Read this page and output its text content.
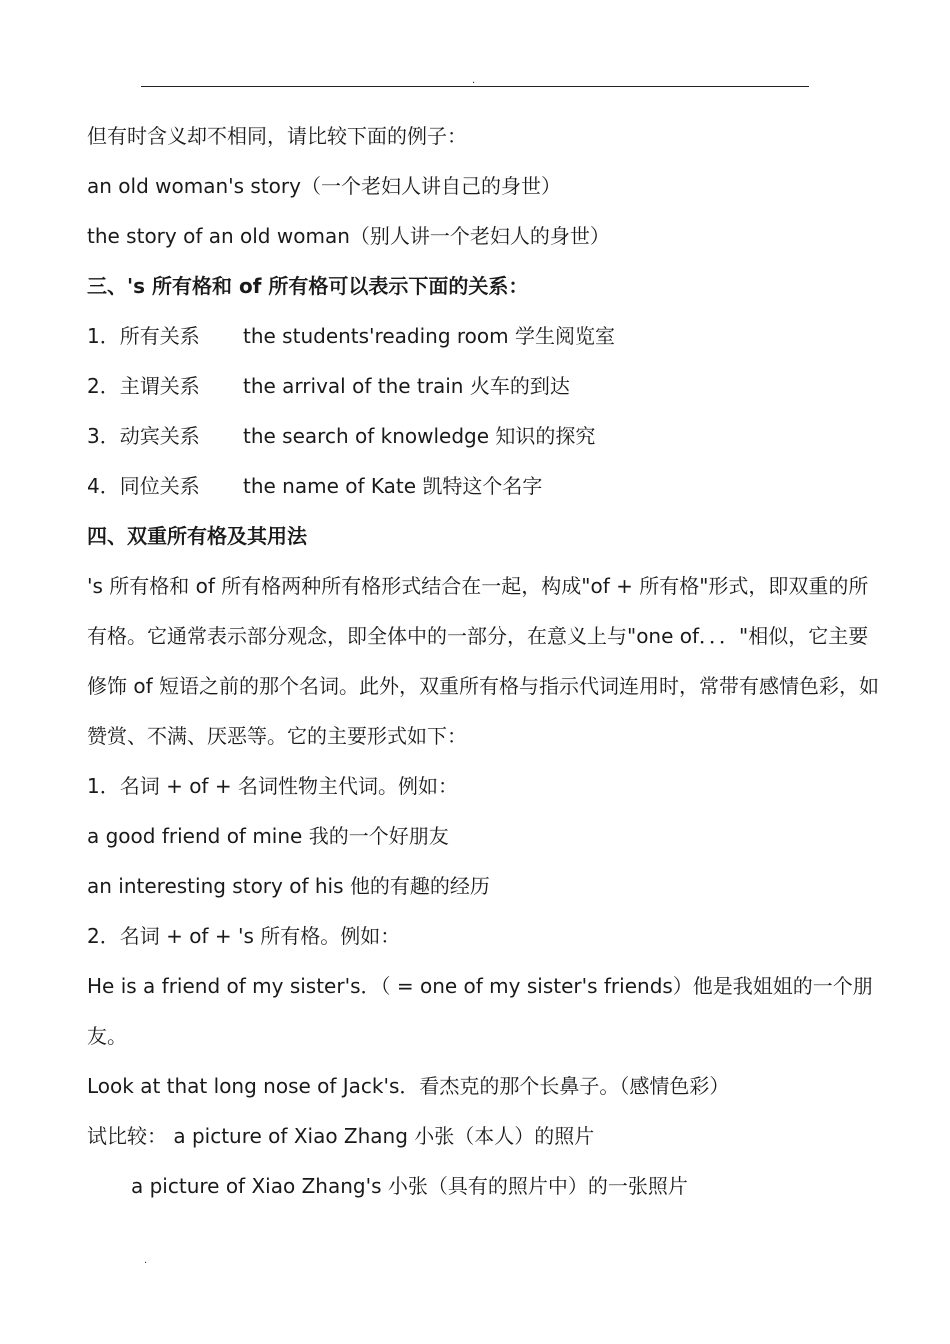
.
但有时含义却不相同，请比较下面的例子：
an old woman's story（一个老妇人讲自己的身世）
the story of an old woman（别人讲一个老妇人的身世）
三、's 所有格和 of 所有格可以表示下面的关系：
1．所有关系 the students'reading room 学生阅览室
2．主谓关系 the arrival of the train 火车的到达
3．动宾关系 the search of knowledge 知识的探究
4．同位关系 the name of Kate 凯特这个名字
四、双重所有格及其用法
's 所有格和 of 所有格两种所有格形式结合在一起，构成"of + 所有格"形式，即双重的所有格。它通常表示部分观念，即全体中的一部分，在意义上与"one of．．．"相似，它主要修饰 of 短语之前的那个名词。此外，双重所有格与指示代词连用时，常带有感情色彩，如赞赏、不满、厌恶等。它的主要形式如下：
1．名词 + of + 名词性物主代词。例如：
a good friend of mine 我的一个好朋友
an interesting story of his 他的有趣的经历
2．名词 + of + 's 所有格。例如：
He is a friend of my sister's．（ = one of my sister's friends）他是我姐姐的一个朋友。
Look at that long nose of Jack's．看杰克的那个长鼻子。（感情色彩）
试比较： a picture of Xiao Zhang 小张（本人）的照片
a picture of Xiao Zhang's 小张（具有的照片中）的一张照片
.
